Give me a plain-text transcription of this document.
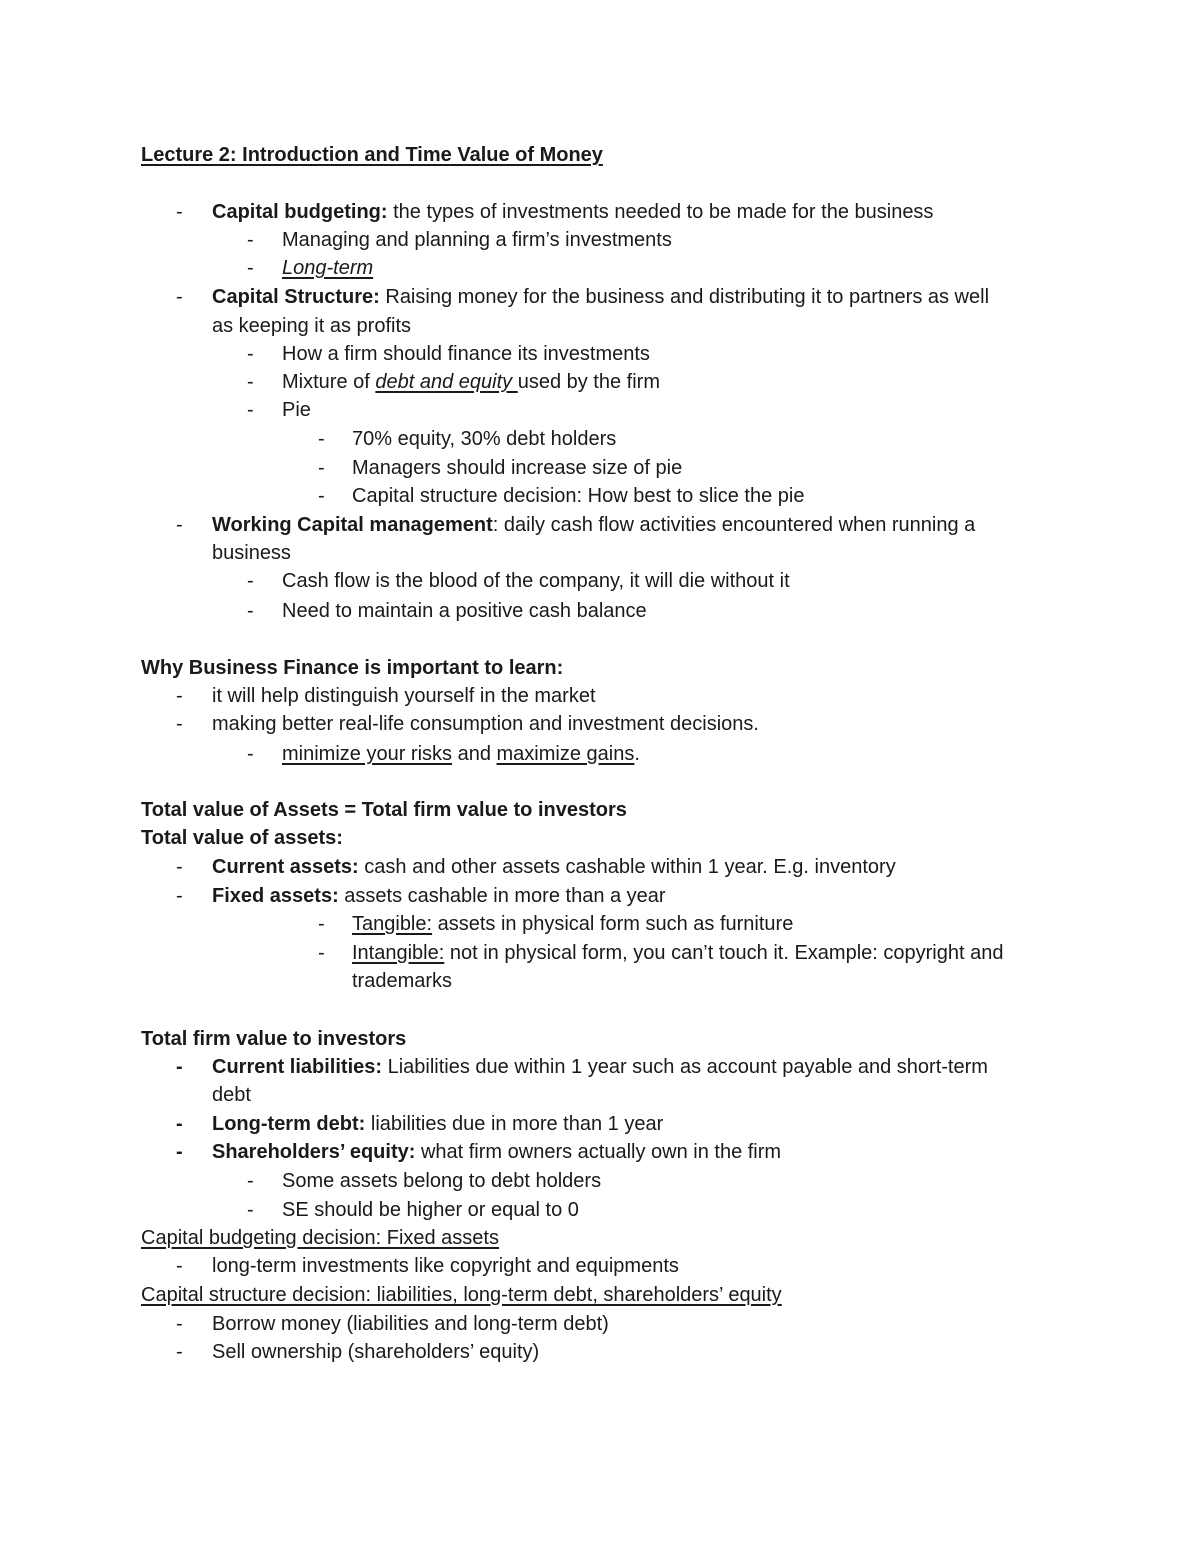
Lecture 2: Introduction and Time Value of Money
- Capital budgeting: the types of investments needed to be made for the business
- Managing and planning a firm’s investments
- Long-term
- Capital Structure: Raising money for the business and distributing it to partners as well
as keeping it as profits
- How a firm should finance its investments
- Mixture of debt and equity used by the firm
- Pie
- 70% equity, 30% debt holders
- Managers should increase size of pie
- Capital structure decision: How best to slice the pie
- Working Capital management: daily cash flow activities encountered when running a
business
- Cash flow is the blood of the company, it will die without it
- Need to maintain a positive cash balance
Why Business Finance is important to learn:
- it will help distinguish yourself in the market
- making better real-life consumption and investment decisions.
- minimize your risks and maximize gains.
Total value of Assets = Total firm value to investors
Total value of assets:
- Current assets: cash and other assets cashable within 1 year. E.g. inventory
- Fixed assets: assets cashable in more than a year
- Tangible: assets in physical form such as furniture
- Intangible: not in physical form, you can’t touch it. Example: copyright and
trademarks
Total firm value to investors
- Current liabilities: Liabilities due within 1 year such as account payable and short-term
debt
- Long-term debt: liabilities due in more than 1 year
- Shareholders’ equity: what firm owners actually own in the firm
- Some assets belong to debt holders
- SE should be higher or equal to 0
Capital budgeting decision: Fixed assets
- long-term investments like copyright and equipments
Capital structure decision: liabilities, long-term debt, shareholders’ equity
- Borrow money (liabilities and long-term debt)
- Sell ownership (shareholders’ equity)
